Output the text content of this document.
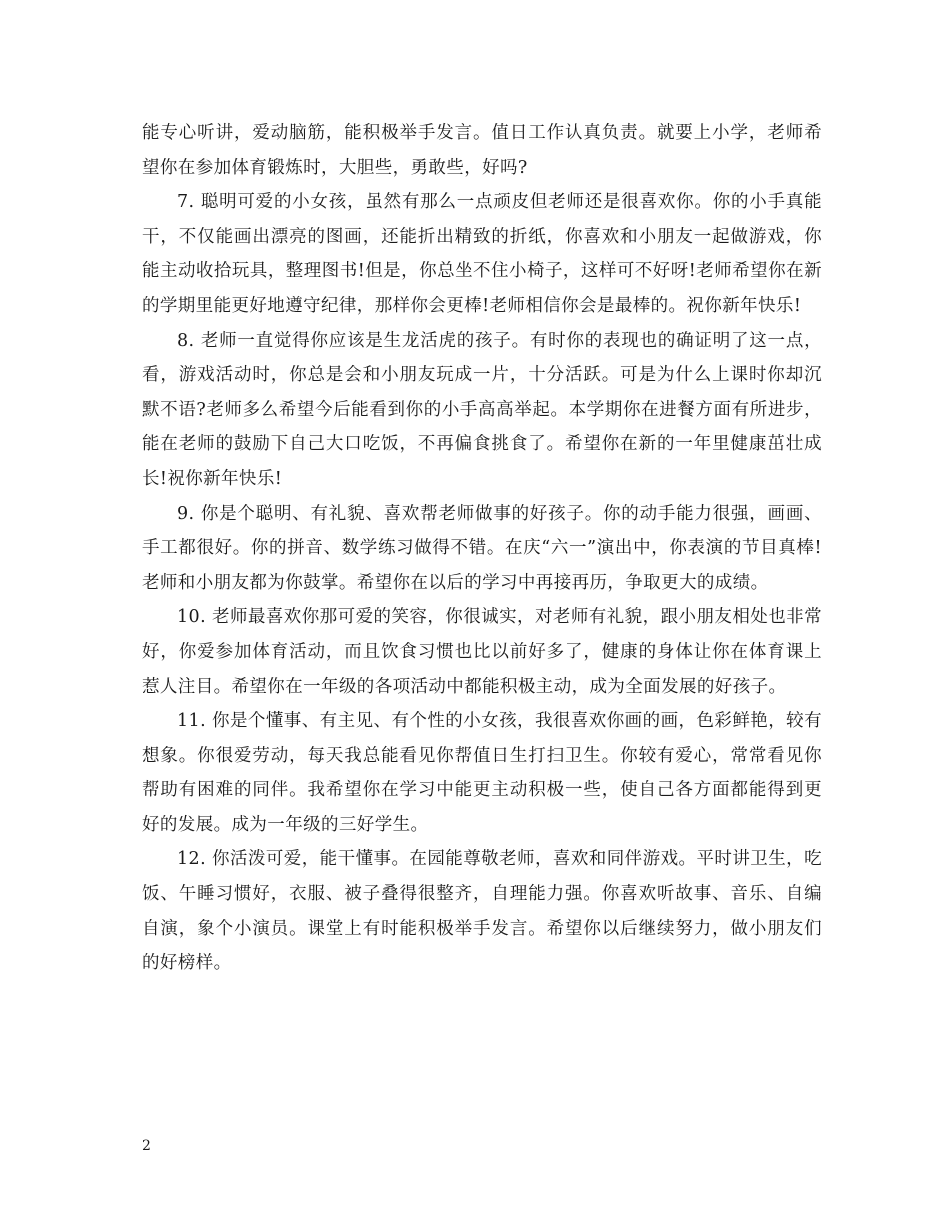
能专心听讲，爱动脑筋，能积极举手发言。值日工作认真负责。就要上小学，老师希望你在参加体育锻炼时，大胆些，勇敢些，好吗?

7. 聪明可爱的小女孩，虽然有那么一点顽皮但老师还是很喜欢你。你的小手真能干，不仅能画出漂亮的图画，还能折出精致的折纸，你喜欢和小朋友一起做游戏，你能主动收拾玩具，整理图书!但是，你总坐不住小椅子，这样可不好呀!老师希望你在新的学期里能更好地遵守纪律，那样你会更棒!老师相信你会是最棒的。祝你新年快乐!

8. 老师一直觉得你应该是生龙活虎的孩子。有时你的表现也的确证明了这一点，看，游戏活动时，你总是会和小朋友玩成一片，十分活跃。可是为什么上课时你却沉默不语?老师多么希望今后能看到你的小手高高举起。本学期你在进餐方面有所进步，能在老师的鼓励下自己大口吃饭，不再偏食挑食了。希望你在新的一年里健康茁壮成长!祝你新年快乐!

9. 你是个聪明、有礼貌、喜欢帮老师做事的好孩子。你的动手能力很强，画画、手工都很好。你的拼音、数学练习做得不错。在庆“六一”演出中，你表演的节目真棒!老师和小朋友都为你鼓掌。希望你在以后的学习中再接再历，争取更大的成绩。

10. 老师最喜欢你那可爱的笑容，你很诚实，对老师有礼貌，跟小朋友相处也非常好，你爱参加体育活动，而且饮食习惯也比以前好多了，健康的身体让你在体育课上惹人注目。希望你在一年级的各项活动中都能积极主动，成为全面发展的好孩子。

11. 你是个懂事、有主见、有个性的小女孩，我很喜欢你画的画，色彩鲜艳，较有想象。你很爱劳动，每天我总能看见你帮值日生打扫卫生。你较有爱心，常常看见你帮助有困难的同伴。我希望你在学习中能更主动积极一些，使自己各方面都能得到更好的发展。成为一年级的三好学生。

12. 你活泼可爱，能干懂事。在园能尊敬老师，喜欢和同伴游戏。平时讲卫生，吃饭、午睡习惯好，衣服、被子叠得很整齐，自理能力强。你喜欢听故事、音乐、自编自演，象个小演员。课堂上有时能积极举手发言。希望你以后继续努力，做小朋友们的好榜样。

2
